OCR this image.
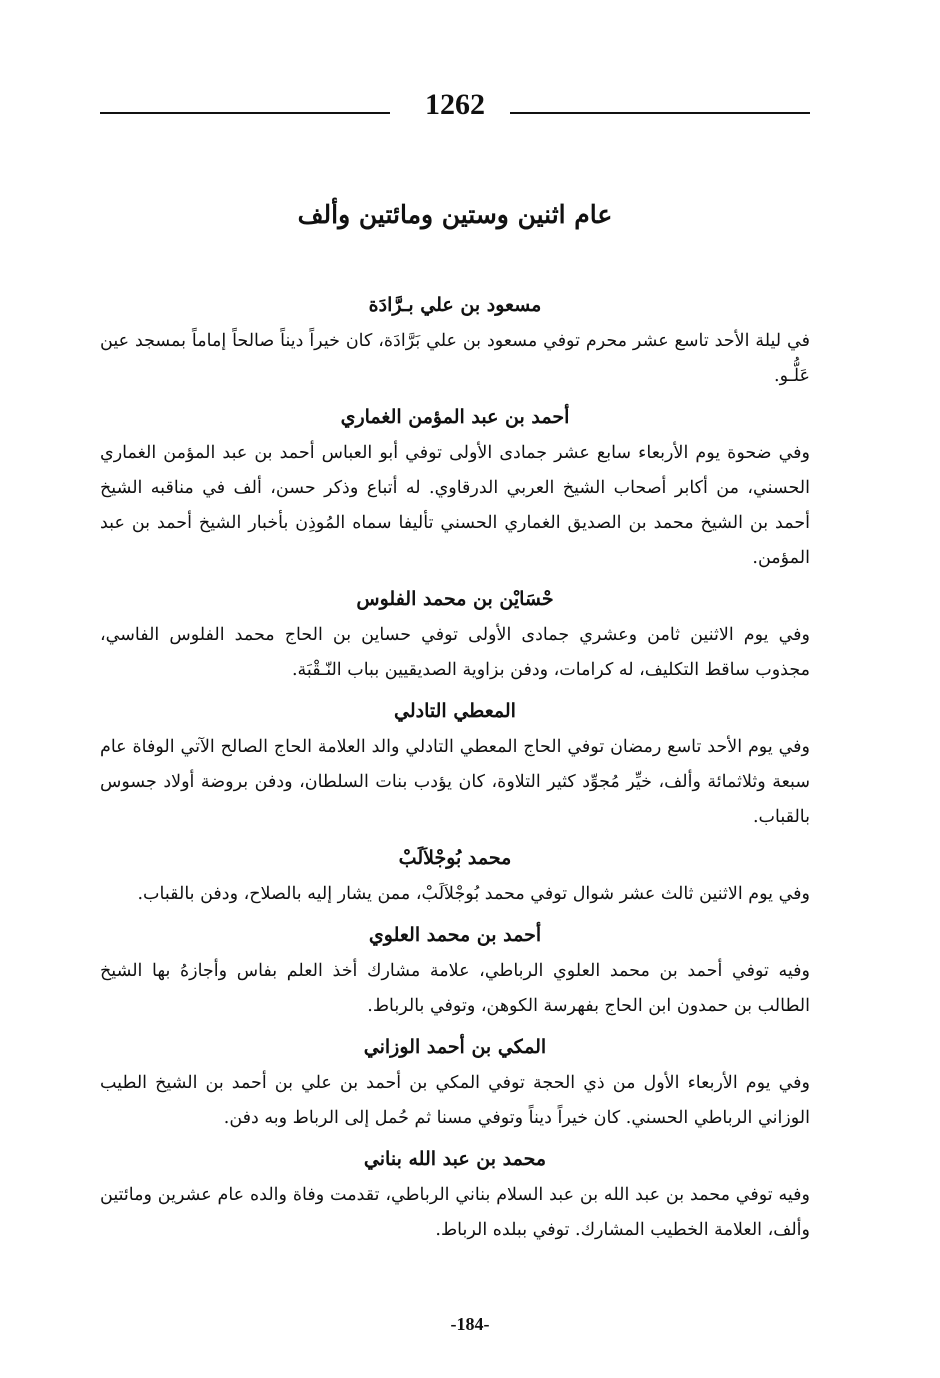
1262
عام اثنين وستين ومائتين وألف
مسعود بن علي بـرَّادَة

في ليلة الأحد تاسع عشر محرم توفي مسعود بن علي بَرَّادَة، كان خيراً ديناً صالحاً إماماً بمسجد عين عَلُّـو.

أحمد بن عبد المؤمن الغماري

وفي ضحوة يوم الأربعاء سابع عشر جمادى الأولى توفي أبو العباس أحمد بن عبد المؤمن الغماري الحسني، من أكابر أصحاب الشيخ العربي الدرقاوي. له أتباع وذكر حسن، ألف في مناقبه الشيخ أحمد بن الشيخ محمد بن الصديق الغماري الحسني تأليفا سماه المُوذِن بأخبار الشيخ أحمد بن عبد المؤمن.

حْسَايْن بن محمد الفلوس

وفي يوم الاثنين ثامن وعشري جمادى الأولى توفي حساين بن الحاج محمد الفلوس الفاسي، مجذوب ساقط التكليف، له كرامات، ودفن بزاوية الصديقيين بباب النّـقْبَة.

المعطي التادلي

وفي يوم الأحد تاسع رمضان توفي الحاج المعطي التادلي والد العلامة الحاج الصالح الآتي الوفاة عام سبعة وثلاثمائة وألف، خيِّر مُجوِّد كثير التلاوة، كان يؤدب بنات السلطان، ودفن بروضة أولاد جسوس بالقباب.

محمد بُوجْلاَلَبْ

وفي يوم الاثنين ثالث عشر شوال توفي محمد بُوجْلاَلَبْ، ممن يشار إليه بالصلاح، ودفن بالقباب.

أحمد بن محمد العلوي

وفيه توفي أحمد بن محمد العلوي الرباطي، علامة مشارك أخذ العلم بفاس وأجازهُ بها الشيخ الطالب بن حمدون ابن الحاج بفهرسة الكوهن، وتوفي بالرباط.

المكي بن أحمد الوزاني

وفي يوم الأربعاء الأول من ذي الحجة توفي المكي بن أحمد بن علي بن أحمد بن الشيخ الطيب الوزاني الرباطي الحسني. كان خيراً ديناً وتوفي مسنا ثم حُمل إلى الرباط وبه دفن.

محمد بن عبد الله بناني

وفيه توفي محمد بن عبد الله بن عبد السلام بناني الرباطي، تقدمت وفاة والده عام عشرين ومائتين وألف، العلامة الخطيب المشارك. توفي ببلده الرباط.

-184-
